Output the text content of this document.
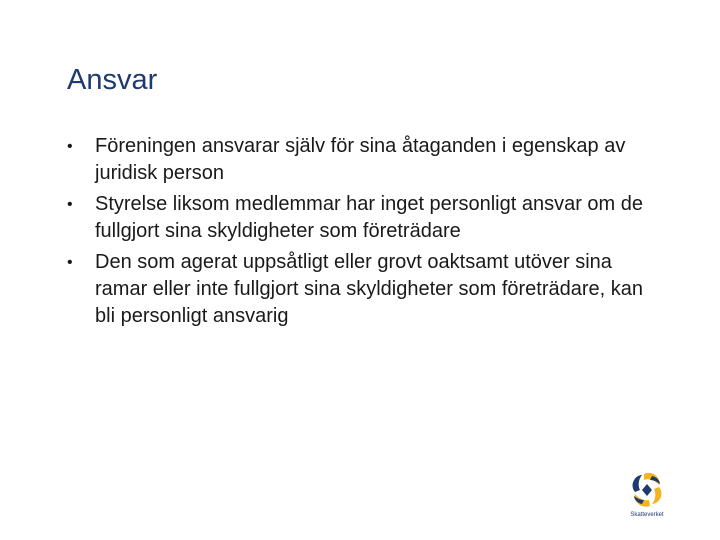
Ansvar
• Föreningen ansvarar själv för sina åtaganden i egenskap av juridisk person
• Styrelse liksom medlemmar har inget personligt ansvar om de fullgjort sina skyldigheter som företrädare
• Den som agerat uppsåtligt eller grovt oaktsamt utöver sina ramar eller inte fullgjort sina skyldigheter som företrädare, kan bli personligt ansvarig
Skatteverket
